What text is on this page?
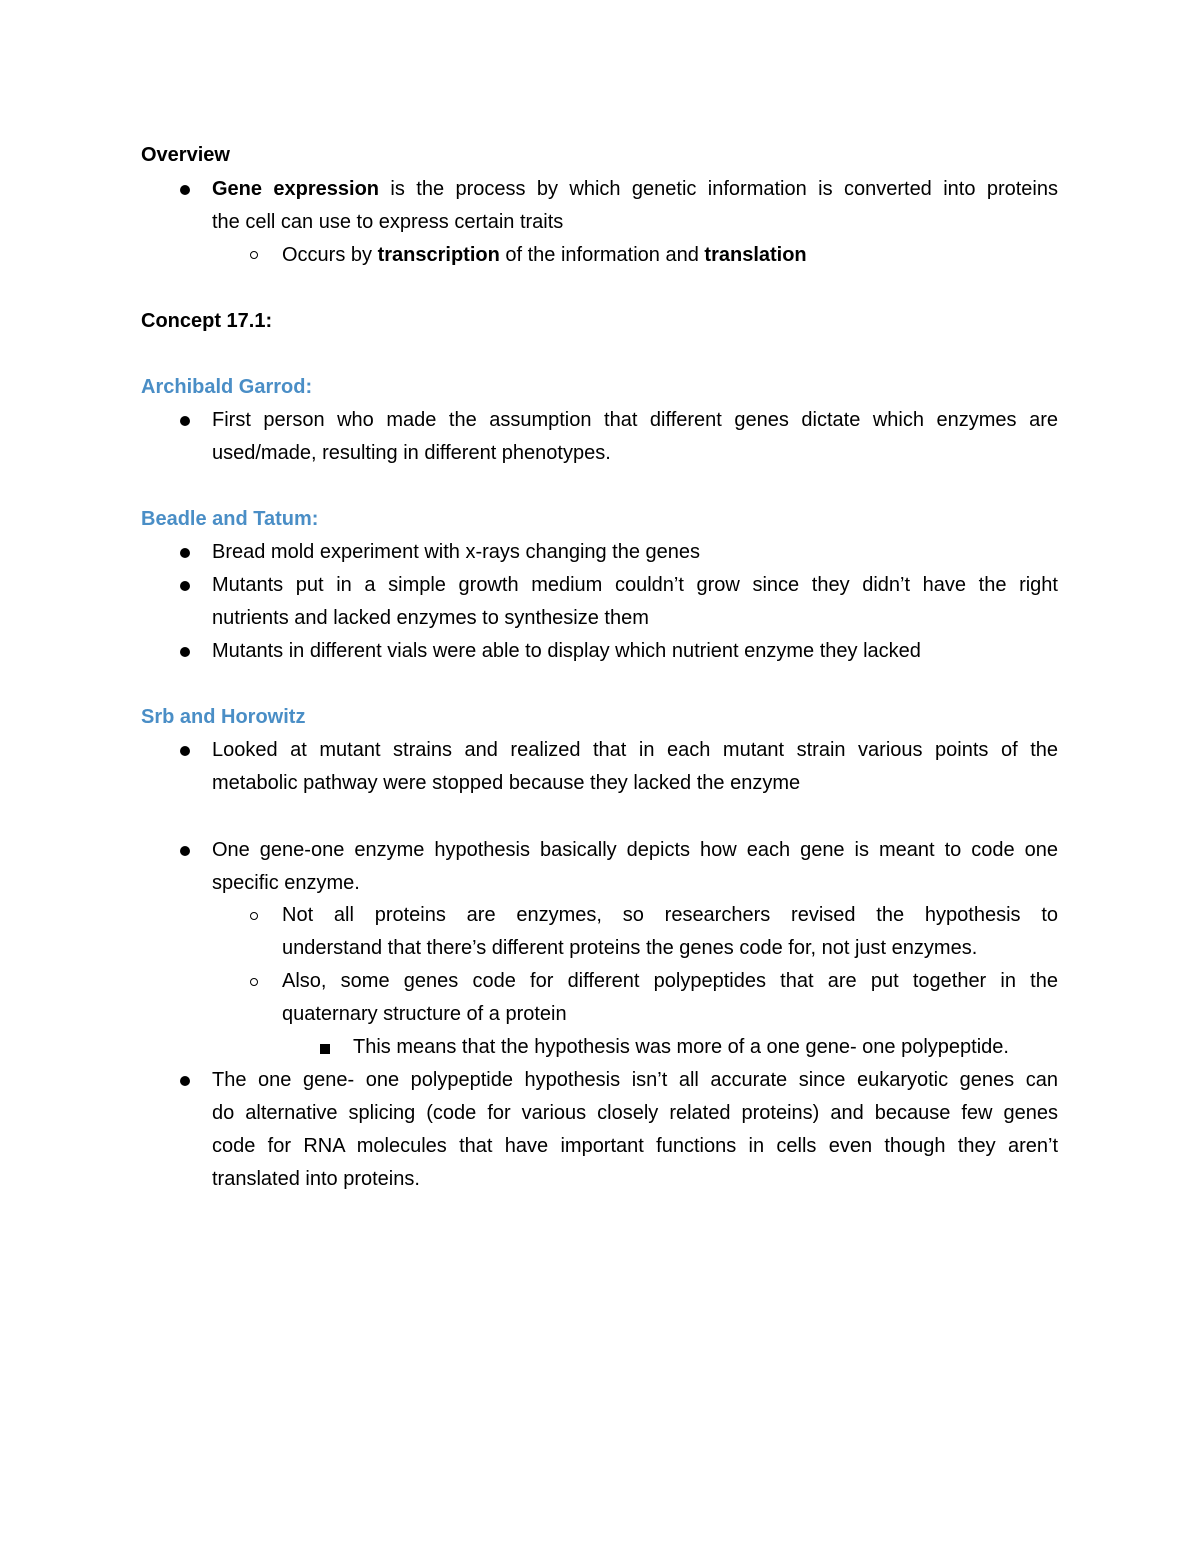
Overview
Gene expression is the process by which genetic information is converted into proteins
the cell can use to express certain traits
Occurs by transcription of the information and translation
Concept 17.1:
Archibald Garrod:
First person who made the assumption that different genes dictate which enzymes are
used/made, resulting in different phenotypes.
Beadle and Tatum:
Bread mold experiment with x-rays changing the genes
Mutants put in a simple growth medium couldn’t grow since they didn’t have the right
nutrients and lacked enzymes to synthesize them
Mutants in different vials were able to display which nutrient enzyme they lacked
Srb and Horowitz
Looked at mutant strains and realized that in each mutant strain various points of the
metabolic pathway were stopped because they lacked the enzyme
One gene-one enzyme hypothesis basically depicts how each gene is meant to code one
specific enzyme.
Not all proteins are enzymes, so researchers revised the hypothesis to
understand that there’s different proteins the genes code for, not just enzymes.
Also, some genes code for different polypeptides that are put together in the
quaternary structure of a protein
This means that the hypothesis was more of a one gene- one polypeptide.
The one gene- one polypeptide hypothesis isn’t all accurate since eukaryotic genes can
do alternative splicing (code for various closely related proteins) and because few genes
code for RNA molecules that have important functions in cells even though they aren’t
translated into proteins.
